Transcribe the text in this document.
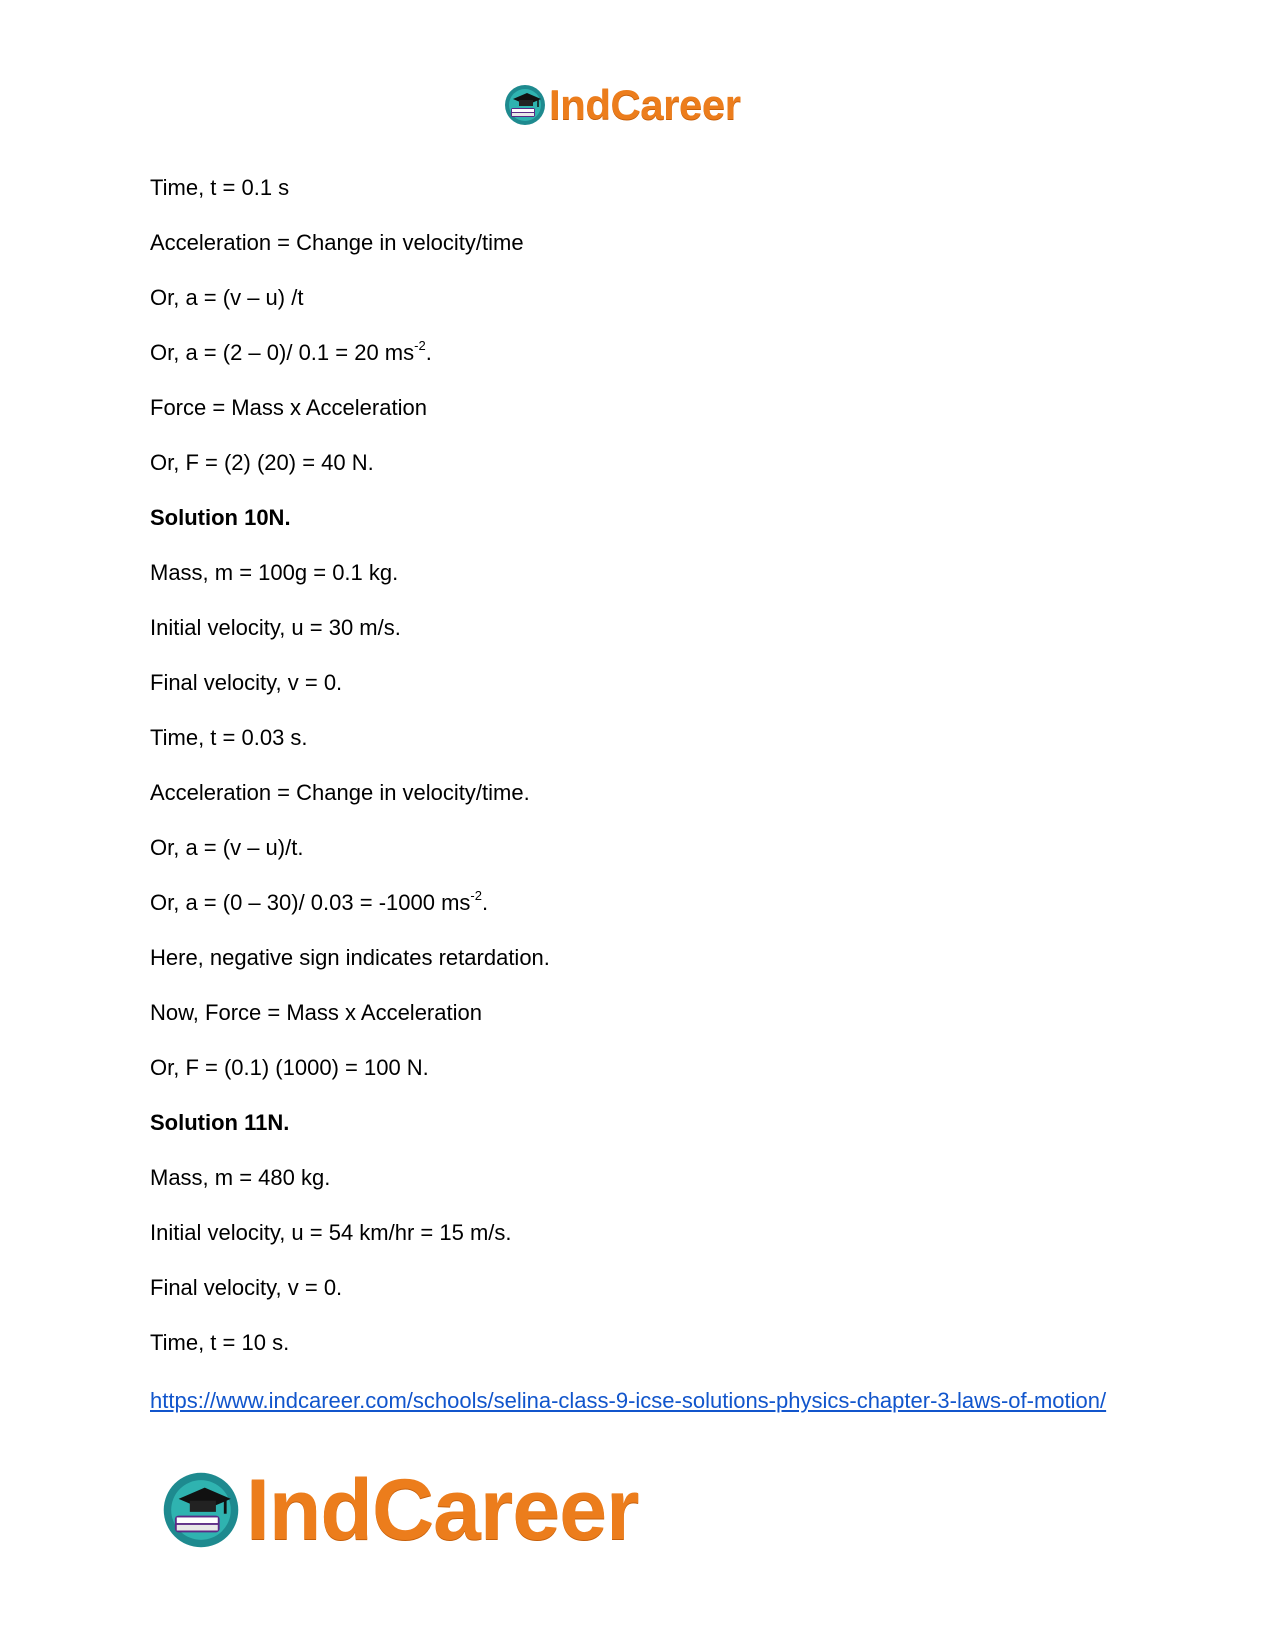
IndCareer
Time, t = 0.1 s
Acceleration = Change in velocity/time
Or, a = (v – u) /t
Or, a = (2 – 0)/ 0.1 = 20 $ms^{-2}$.
Force = Mass x Acceleration
Or, F = (2) (20) = 40 N.
Solution 10N.
Mass, m = 100g = 0.1 kg.
Initial velocity, u = 30 m/s.
Final velocity, v = 0.
Time, t = 0.03 s.
Acceleration = Change in velocity/time.
Or, a = (v – u)/t.
Or, a = (0 – 30)/ 0.03 = -1000 $ms^{-2}$.
Here, negative sign indicates retardation.
Now, Force = Mass x Acceleration
Or, F = (0.1) (1000) = 100 N.
Solution 11N.
Mass, m = 480 kg.
Initial velocity, u = 54 km/hr = 15 m/s.
Final velocity, v = 0.
Time, t = 10 s.
https://www.indcareer.com/schools/selina-class-9-icse-solutions-physics-chapter-3-laws-of-motion/
IndCareer
